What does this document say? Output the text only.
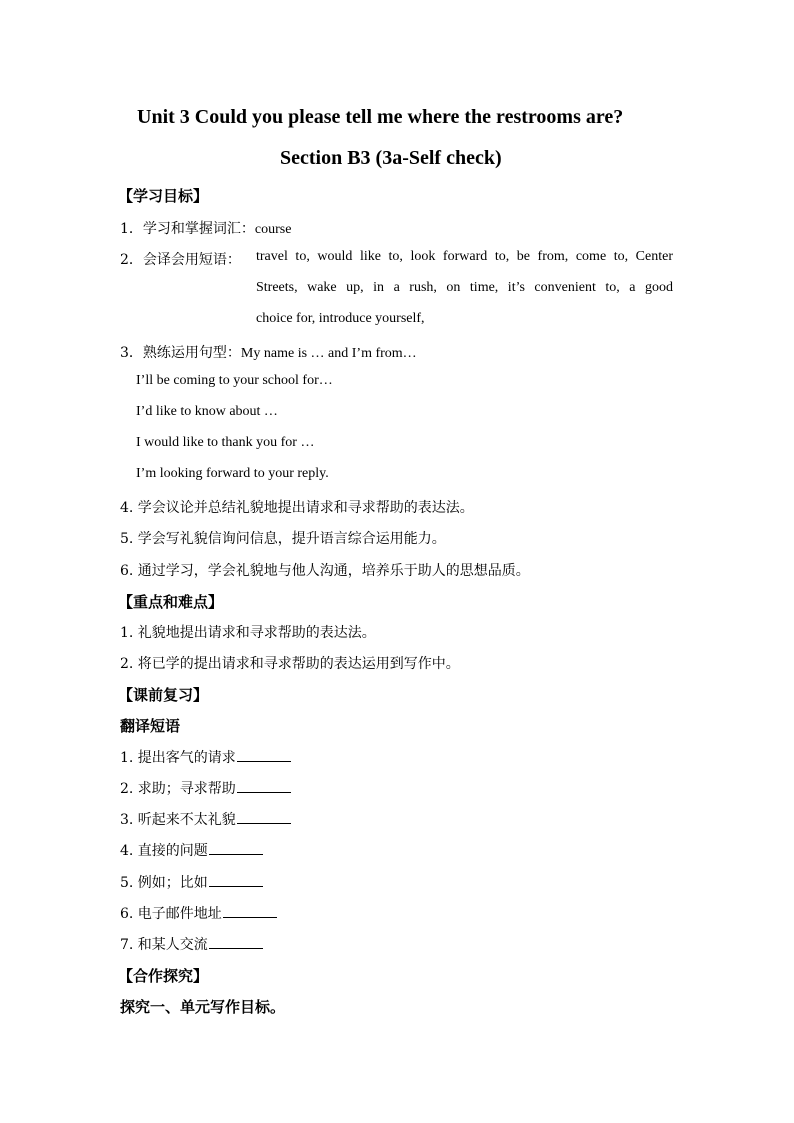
Unit 3 Could you please tell me where the restrooms are?
Section B3 (3a-Self check)
【学习目标】
1．学习和掌握词汇：course
2．会译会用短语： travel to, would like to, look forward to, be from, come to, Center
Streets, wake up, in a rush, on time, it’s convenient to, a good
choice for, introduce yourself,
3．熟练运用句型：My name is … and I’m from…
I’ll be coming to your school for…
I’d like to know about …
I would like to thank you for …
I’m looking forward to your reply.
4. 学会议论并总结礼貌地提出请求和寻求帮助的表达法。
5. 学会写礼貌信询问信息，提升语言综合运用能力。
6. 通过学习，学会礼貌地与他人沟通，培养乐于助人的思想品质。
【重点和难点】
1. 礼貌地提出请求和寻求帮助的表达法。
2. 将已学的提出请求和寻求帮助的表达运用到写作中。
【课前复习】
翻译短语
1. 提出客气的请求
2. 求助；寻求帮助
3. 听起来不太礼貌
4. 直接的问题
5. 例如；比如
6. 电子邮件地址
7. 和某人交流
【合作探究】
探究一、单元写作目标。
